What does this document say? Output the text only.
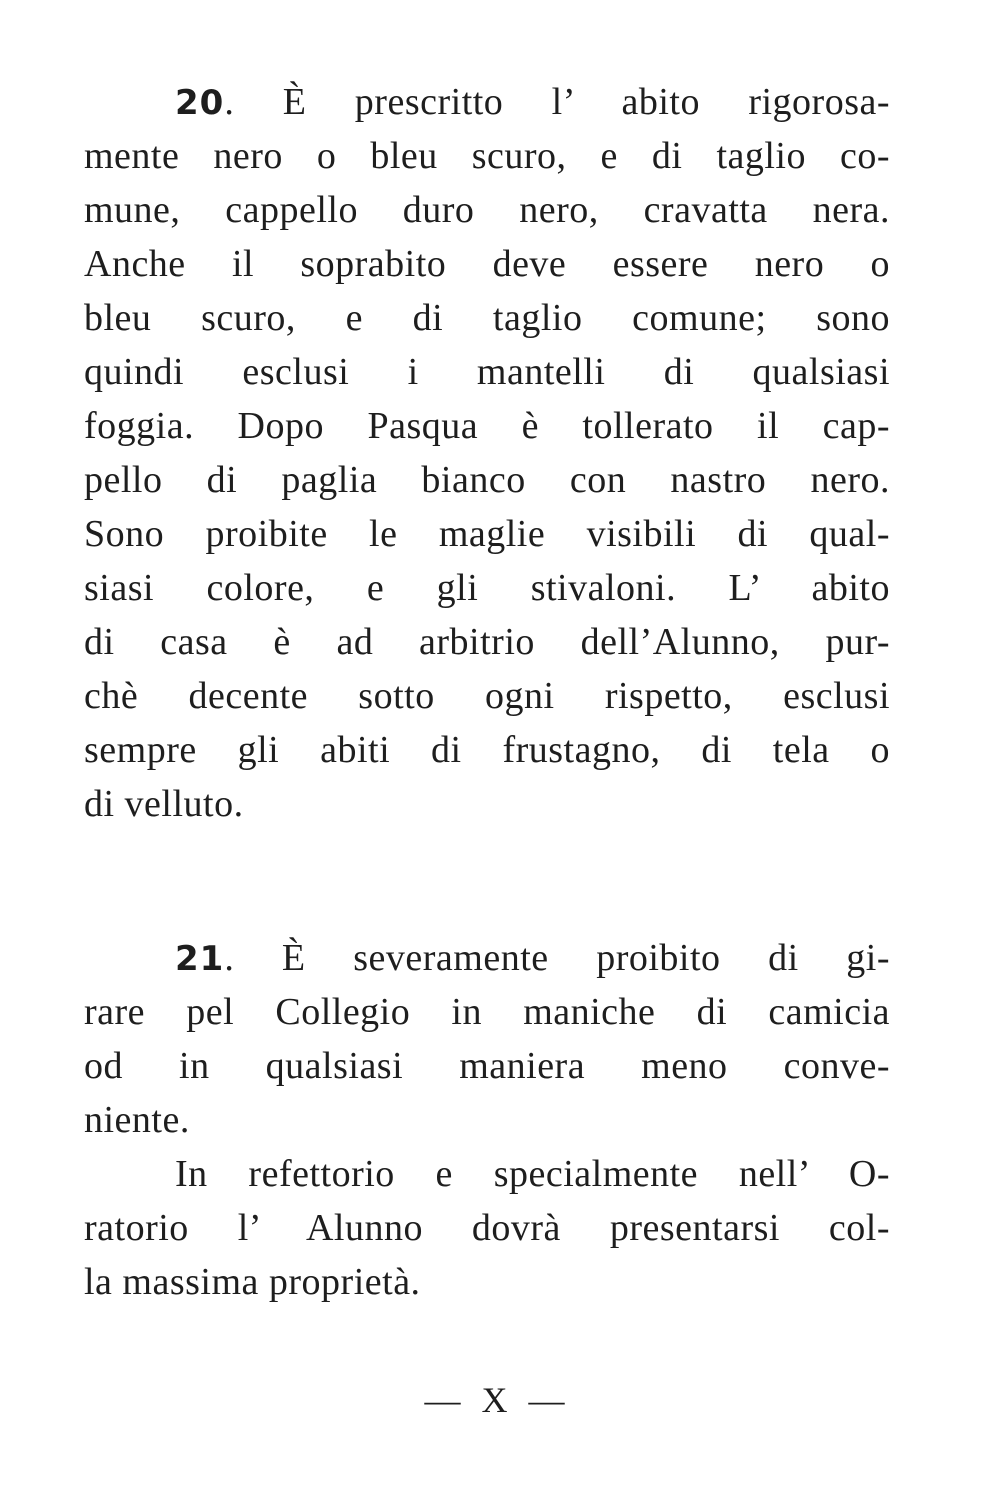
20. È prescritto l’ abito rigorosa-
mente nero o bleu scuro, e di taglio co-
mune, cappello duro nero, cravatta nera.
Anche il soprabito deve essere nero o
bleu scuro, e di taglio comune; sono
quindi esclusi i mantelli di qualsiasi
foggia. Dopo Pasqua è tollerato il cap-
pello di paglia bianco con nastro nero.
Sono proibite le maglie visibili di qual-
siasi colore, e gli stivaloni. L’ abito
di casa è ad arbitrio dell’Alunno, pur-
chè decente sotto ogni rispetto, esclusi
sempre gli abiti di frustagno, di tela o
di velluto.
21. È severamente proibito di gi-
rare pel Collegio in maniche di camicia
od in qualsiasi maniera meno conve-
niente.
In refettorio e specialmente nell’ O-
ratorio l’ Alunno dovrà presentarsi col-
la massima proprietà.
— X —
